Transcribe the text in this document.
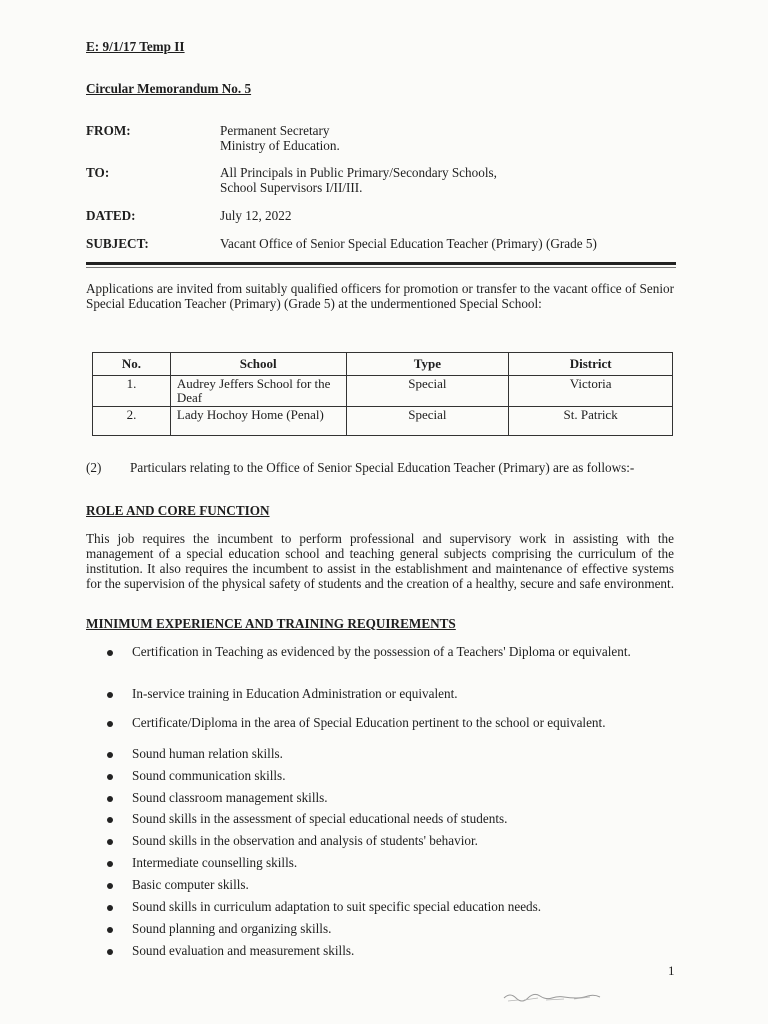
E: 9/1/17 Temp II
Circular Memorandum No. 5
FROM:	Permanent Secretary
Ministry of Education.
TO:	All Principals in Public Primary/Secondary Schools,
School Supervisors I/II/III.
DATED:	July 12, 2022
SUBJECT:	Vacant Office of Senior Special Education Teacher (Primary) (Grade 5)
Applications are invited from suitably qualified officers for promotion or transfer to the vacant office of Senior Special Education Teacher (Primary) (Grade 5) at the undermentioned Special School:
No.	School	Type	District
1.	Audrey Jeffers School for the Deaf	Special	Victoria
2.	Lady Hochoy Home (Penal)	Special	St. Patrick
(2)	Particulars relating to the Office of Senior Special Education Teacher (Primary) are as follows:-
ROLE AND CORE FUNCTION
This job requires the incumbent to perform professional and supervisory work in assisting with the management of a special education school and teaching general subjects comprising the curriculum of the institution. It also requires the incumbent to assist in the establishment and maintenance of effective systems for the supervision of the physical safety of students and the creation of a healthy, secure and safe environment.
MINIMUM EXPERIENCE AND TRAINING REQUIREMENTS
Certification in Teaching as evidenced by the possession of a Teachers' Diploma or equivalent.
In-service training in Education Administration or equivalent.
Certificate/Diploma in the area of Special Education pertinent to the school or equivalent.
Sound human relation skills.
Sound communication skills.
Sound classroom management skills.
Sound skills in the assessment of special educational needs of students.
Sound skills in the observation and analysis of students' behavior.
Intermediate counselling skills.
Basic computer skills.
Sound skills in curriculum adaptation to suit specific special education needs.
Sound planning and organizing skills.
Sound evaluation and measurement skills.
1
